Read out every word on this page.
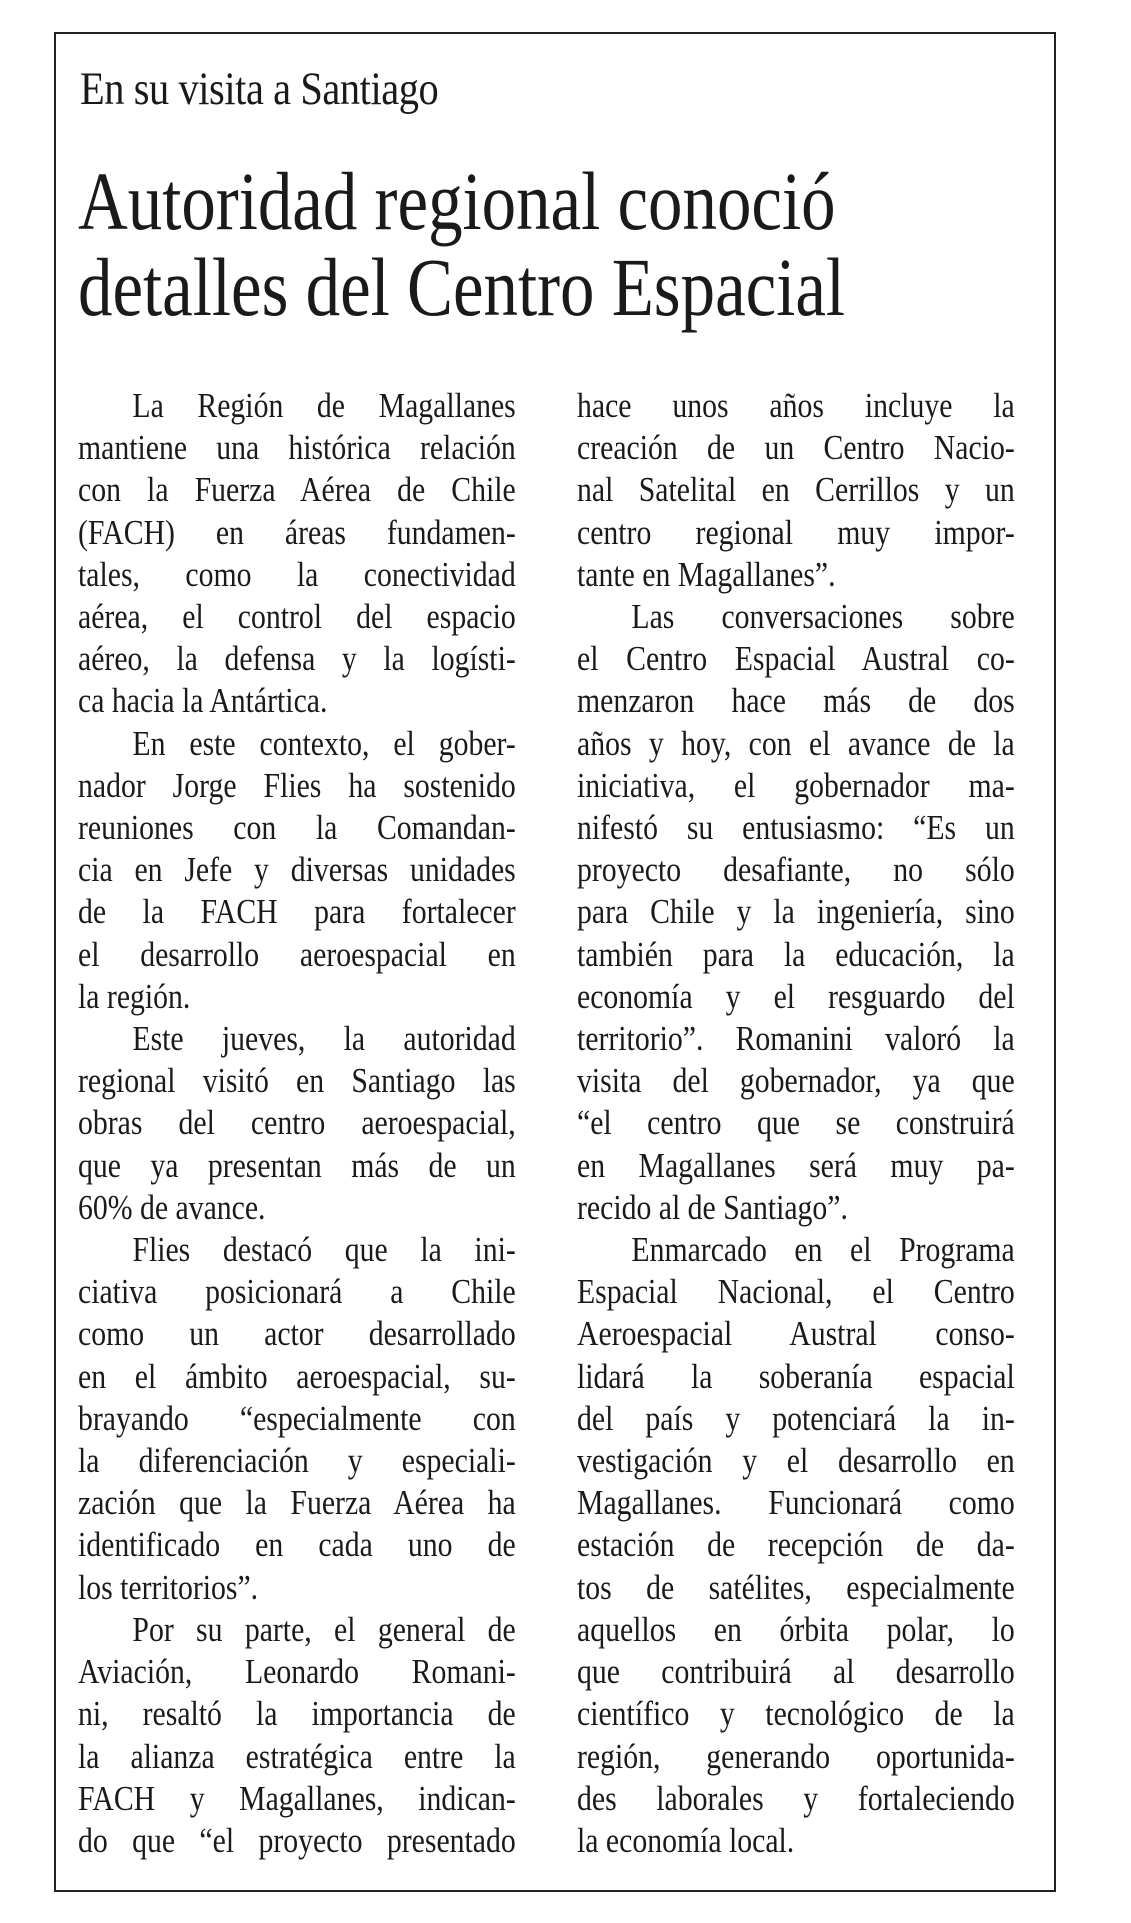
En su visita a Santiago
Autoridad regional conoció
detalles del Centro Espacial
La Región de Magallanes
mantiene una histórica relación
con la Fuerza Aérea de Chile
(FACH) en áreas fundamen-
tales, como la conectividad
aérea, el control del espacio
aéreo, la defensa y la logísti-
ca hacia la Antártica.
En este contexto, el gober-
nador Jorge Flies ha sostenido
reuniones con la Comandan-
cia en Jefe y diversas unidades
de la FACH para fortalecer
el desarrollo aeroespacial en
la región.
Este jueves, la autoridad
regional visitó en Santiago las
obras del centro aeroespacial,
que ya presentan más de un
60% de avance.
Flies destacó que la ini-
ciativa posicionará a Chile
como un actor desarrollado
en el ámbito aeroespacial, su-
brayando “especialmente con
la diferenciación y especiali-
zación que la Fuerza Aérea ha
identificado en cada uno de
los territorios”.
Por su parte, el general de
Aviación, Leonardo Romani-
ni, resaltó la importancia de
la alianza estratégica entre la
FACH y Magallanes, indican-
do que “el proyecto presentado
hace unos años incluye la
creación de un Centro Nacio-
nal Satelital en Cerrillos y un
centro regional muy impor-
tante en Magallanes”.
Las conversaciones sobre
el Centro Espacial Austral co-
menzaron hace más de dos
años y hoy, con el avance de la
iniciativa, el gobernador ma-
nifestó su entusiasmo: “Es un
proyecto desafiante, no sólo
para Chile y la ingeniería, sino
también para la educación, la
economía y el resguardo del
territorio”. Romanini valoró la
visita del gobernador, ya que
“el centro que se construirá
en Magallanes será muy pa-
recido al de Santiago”.
Enmarcado en el Programa
Espacial Nacional, el Centro
Aeroespacial Austral conso-
lidará la soberanía espacial
del país y potenciará la in-
vestigación y el desarrollo en
Magallanes. Funcionará como
estación de recepción de da-
tos de satélites, especialmente
aquellos en órbita polar, lo
que contribuirá al desarrollo
científico y tecnológico de la
región, generando oportunida-
des laborales y fortaleciendo
la economía local.
